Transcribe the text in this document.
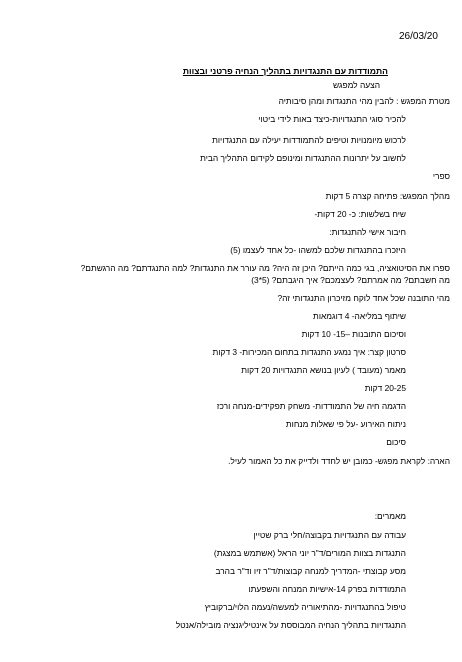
26/03/20
התמודדות עם התנגדויות בתהליך הנחיה פרטני ובצוות
הצעה למפגש
מטרת המפגש : להבין מהי התנגדות ומהן סיבותיה
להכיר סוגי התנגדויות-כיצד באות לידי ביטוי
לרכוש מיומנויות וטיפים להתמודדות יעילה עם התנגדויות
לחשוב על יתרונות ההתנגדות ומינופם לקידום התהליך הבית
ספרי
מהלך המפגש: פתיחה קצרה 5 דקות
שיח בשלשות: כ- 20 דקות-
חיבור אישי להתנגדות:
היזכרו בהתנגדות שלכם למשהו -כל אחד לעצמו (5)
ספרו את הסיטואציה, בגי כמה הייתם? היכן זה היה? מה עורר את התנגדות? למה התנגדתם? מה הרגשתם?
מה חשבתם? מה אמרתם? לעצמכם? איך היגבתם? (5*3)
מהי התובנה שכל אחד לוקח מזיכרון התנגדותי זה?
שיתוף במליאה- 4 דוגמאות
וסיכום התובנות –15- 10 דקות
סרטון קצר: איך נמגע התנגדות בתחום המכירות- 3 דקות
מאמר (מעובד ) לעיון בנושא התנגדויות 20 דקות
20-25 דקות
הדגמה חיה של התמודדות- משחק תפקידים-מנחה ורכז
ניתוח האירוע -על פי שאלות מנחות
סיכום
הארה: לקראת מפגש- כמובן יש לחדד ולדייק את כל האמור לעיל.
מאמרים:
עבודה עם התנגדויות בקבוצה/חלי ברק שטיין
התנגדות בצוות המורים/ד"ר יוני הראל (אשתמש במצגת)
מסע קבוצתי -המדריך למנחה קבוצות/ד"ר זיו וד"ר בהרב
התמודדות בפרק 14-אישיות המנחה והשפעתו
טיפול בהתנגדויות -מהתיאוריה למעשה/נעמה הלוי/ברקוביץ
התנגדויות בתהליך הנחיה המבוססת על אינטיליגנציה מובילה/אנטל
